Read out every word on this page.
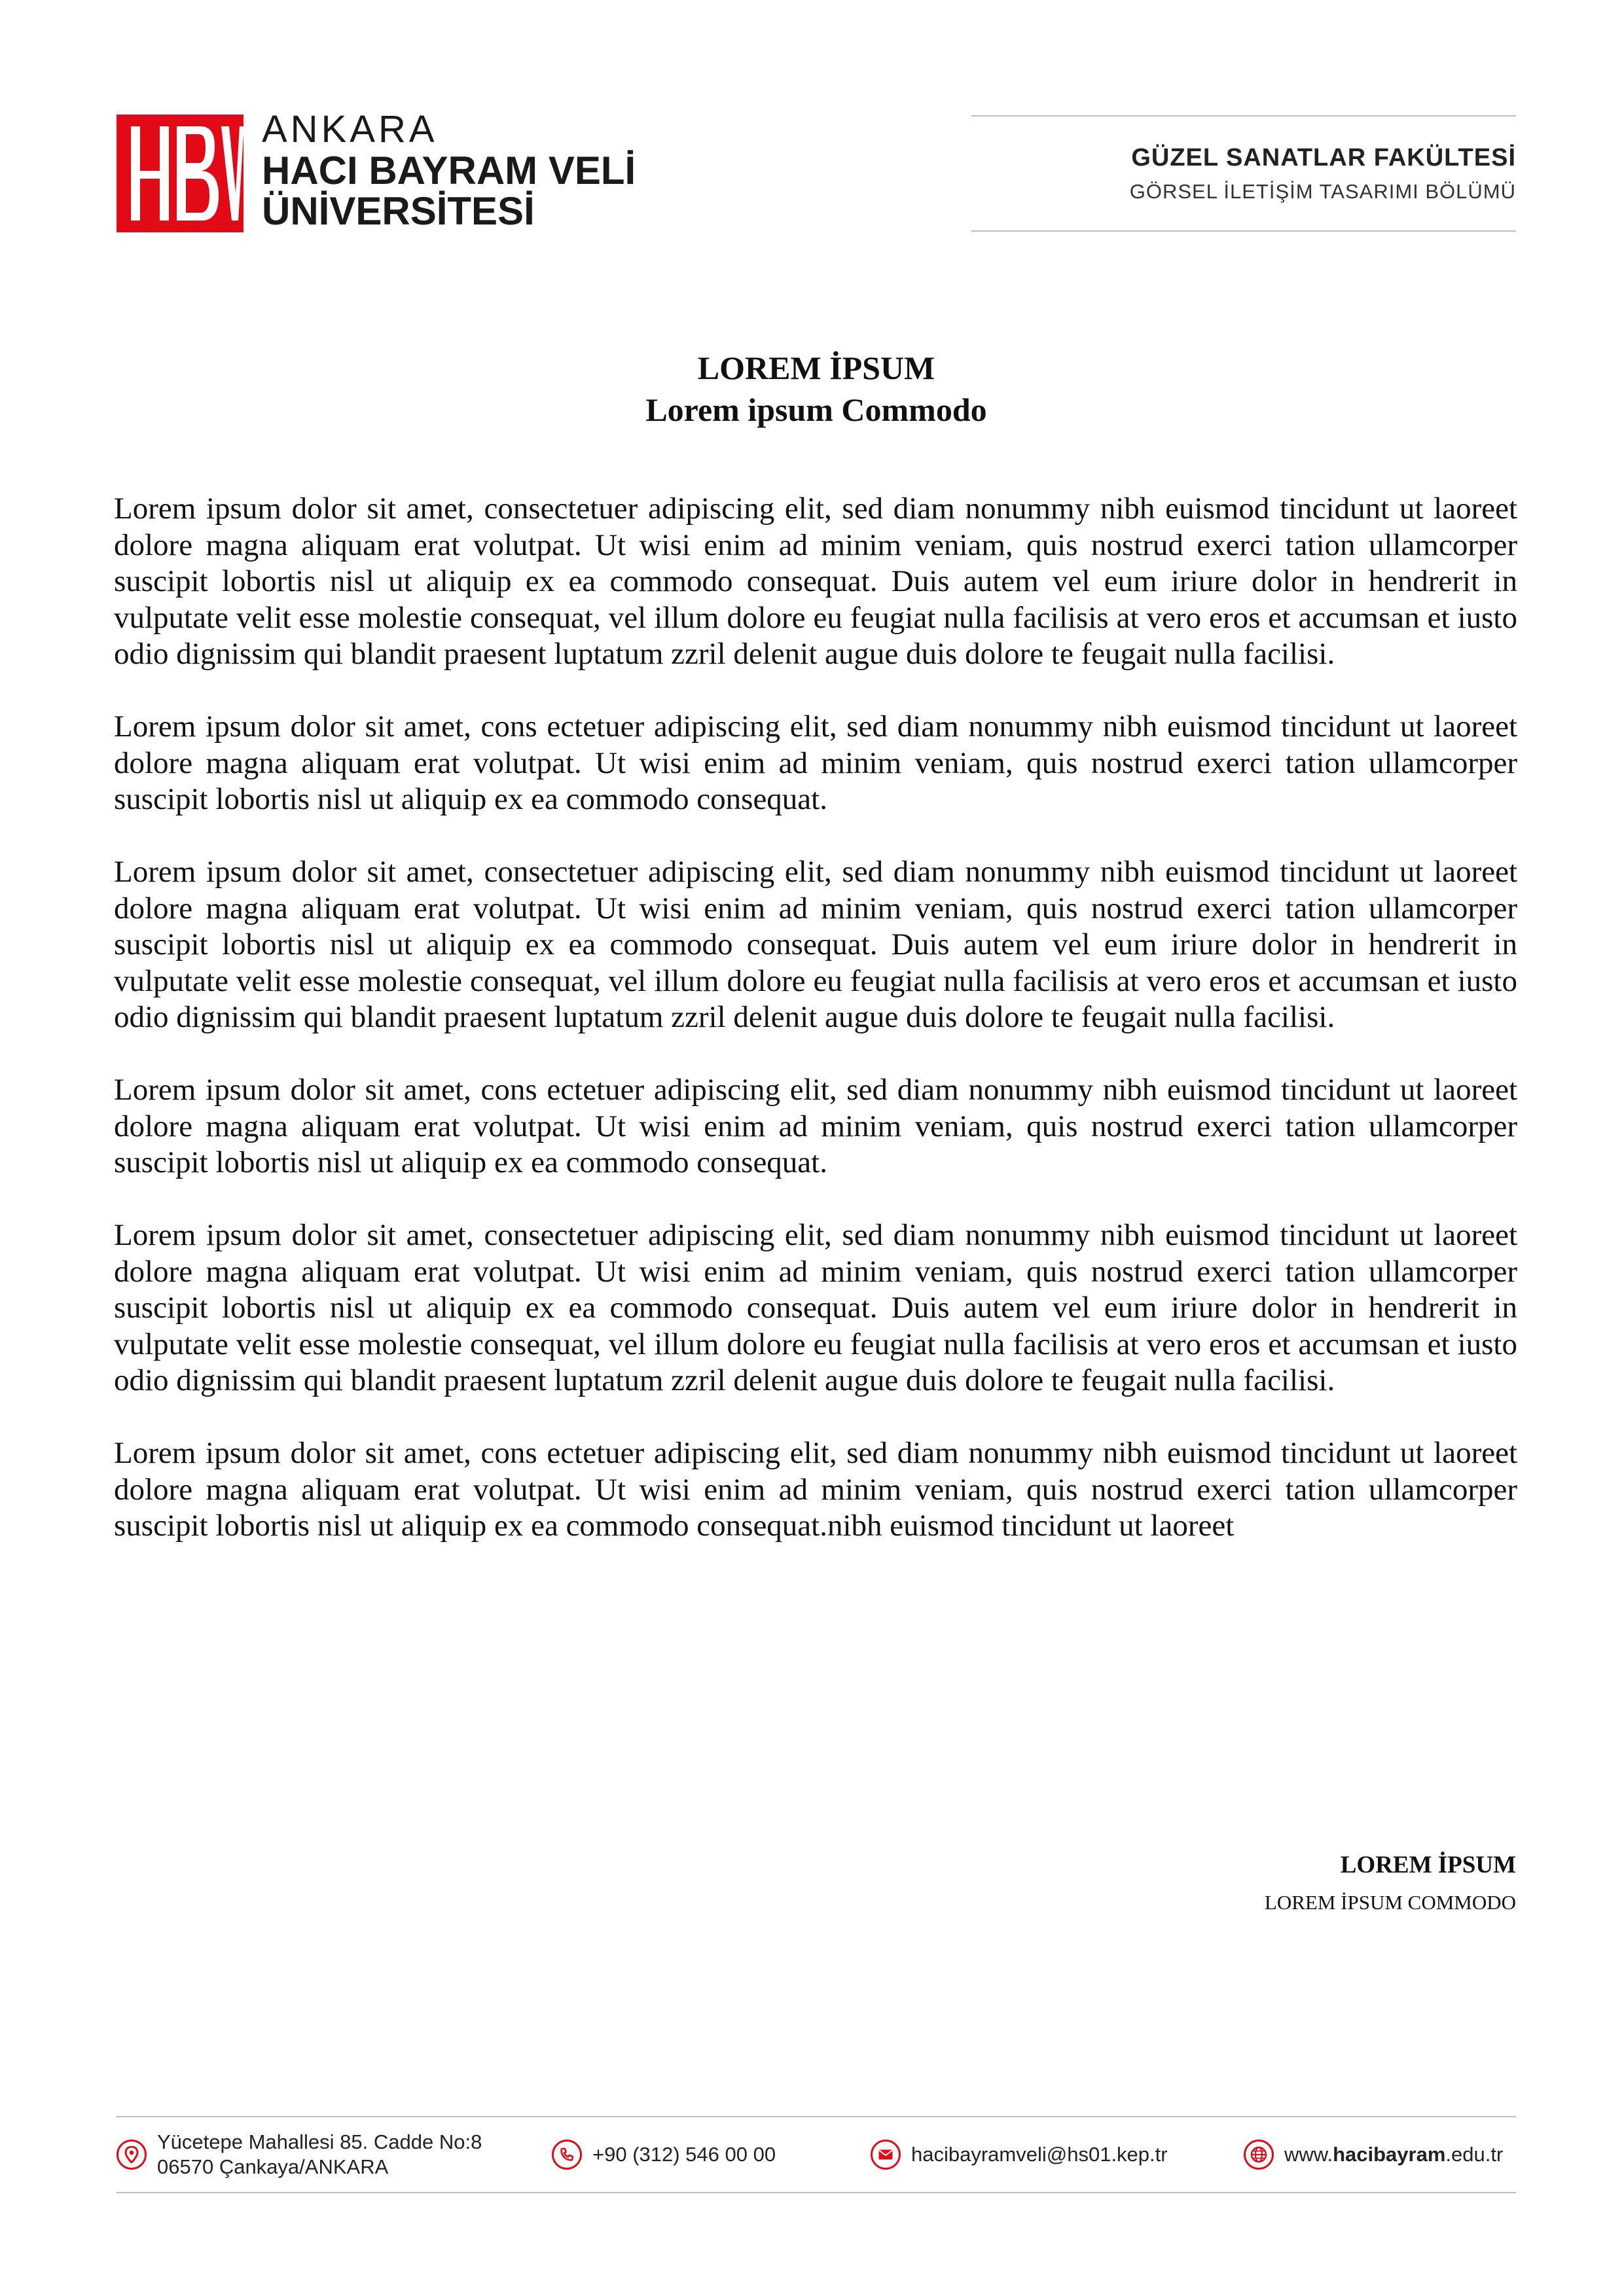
ANKARA
HACI BAYRAM VELİ
ÜNİVERSİTESİ
GÜZEL SANATLAR FAKÜLTESİ
GÖRSEL İLETİŞİM TASARIMI BÖLÜMÜ
LOREM İPSUM
Lorem ipsum Commodo

Lorem ipsum dolor sit amet, consectetuer adipiscing elit, sed diam nonummy nibh euismod tincidunt ut laoreet dolore magna aliquam erat volutpat. Ut wisi enim ad minim veniam, quis nostrud exerci tation ullamcorper suscipit lobortis nisl ut aliquip ex ea commodo consequat. Duis autem vel eum iriure dolor in hendrerit in vulputate velit esse molestie consequat, vel illum dolore eu feugiat nulla facilisis at vero eros et accumsan et iusto odio dignissim qui blandit praesent luptatum zzril delenit augue duis dolore te feugait nulla facilisi.

Lorem ipsum dolor sit amet, cons ectetuer adipiscing elit, sed diam nonummy nibh euismod tincidunt ut laoreet dolore magna aliquam erat volutpat. Ut wisi enim ad minim veniam, quis nostrud exerci tation ullamcorper suscipit lobortis nisl ut aliquip ex ea commodo consequat.

Lorem ipsum dolor sit amet, consectetuer adipiscing elit, sed diam nonummy nibh euismod tincidunt ut laoreet dolore magna aliquam erat volutpat. Ut wisi enim ad minim veniam, quis nostrud exerci tation ullamcorper suscipit lobortis nisl ut aliquip ex ea commodo consequat. Duis autem vel eum iriure dolor in hendrerit in vulputate velit esse molestie consequat, vel illum dolore eu feugiat nulla facilisis at vero eros et accumsan et iusto odio dignissim qui blandit praesent luptatum zzril delenit augue duis dolore te feugait nulla facilisi.

Lorem ipsum dolor sit amet, cons ectetuer adipiscing elit, sed diam nonummy nibh euismod tincidunt ut laoreet dolore magna aliquam erat volutpat. Ut wisi enim ad minim veniam, quis nostrud exerci tation ullamcorper suscipit lobortis nisl ut aliquip ex ea commodo consequat.

Lorem ipsum dolor sit amet, consectetuer adipiscing elit, sed diam nonummy nibh euismod tincidunt ut laoreet dolore magna aliquam erat volutpat. Ut wisi enim ad minim veniam, quis nostrud exerci tation ullamcorper suscipit lobortis nisl ut aliquip ex ea commodo consequat. Duis autem vel eum iriure dolor in hendrerit in vulputate velit esse molestie consequat, vel illum dolore eu feugiat nulla facilisis at vero eros et accumsan et iusto odio dignissim qui blandit praesent luptatum zzril delenit augue duis dolore te feugait nulla facilisi.

Lorem ipsum dolor sit amet, cons ectetuer adipiscing elit, sed diam nonummy nibh euismod tincidunt ut laoreet dolore magna aliquam erat volutpat. Ut wisi enim ad minim veniam, quis nostrud exerci tation ullamcorper suscipit lobortis nisl ut aliquip ex ea commodo consequat.nibh euismod tincidunt ut laoreet

LOREM İPSUM
LOREM İPSUM COMMODO
Yücetepe Mahallesi 85. Cadde No:8
06570 Çankaya/ANKARA
+90 (312) 546 00 00	hacibayramveli@hs01.kep.tr	www.hacibayram.edu.tr
